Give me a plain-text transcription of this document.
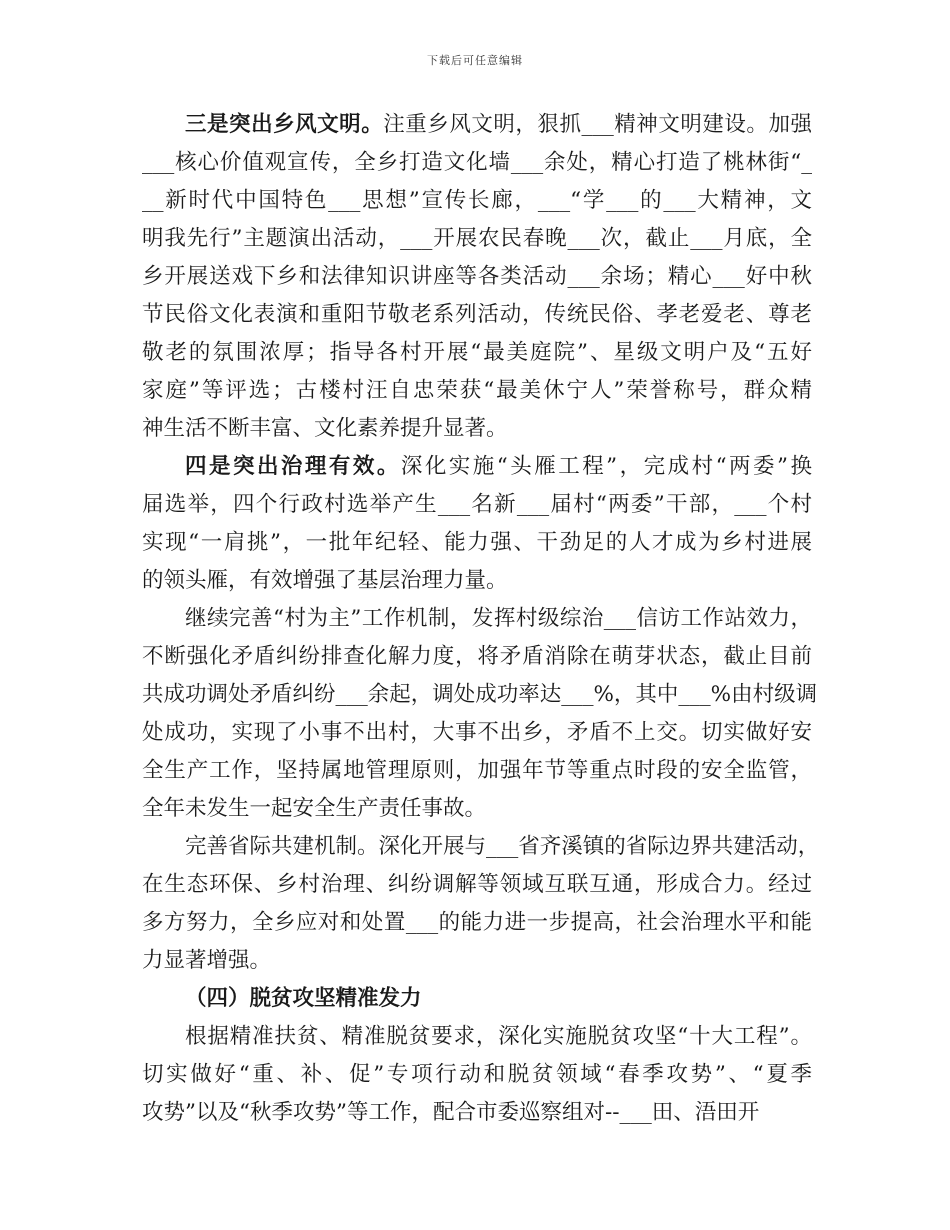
下载后可任意编辑
三是突出乡风文明。注重乡风文明，狠抓___精神文明建设。加强
___核心价值观宣传，全乡打造文化墙___余处，精心打造了桃林街“_
__新时代中国特色___思想”宣传长廊，___“学___的___大精神，文
明我先行”主题演出活动，___开展农民春晚___次，截止___月底，全
乡开展送戏下乡和法律知识讲座等各类活动___余场；精心___好中秋
节民俗文化表演和重阳节敬老系列活动，传统民俗、孝老爱老、尊老
敬老的氛围浓厚；指导各村开展“最美庭院”、星级文明户及“五好
家庭”等评选；古楼村汪自忠荣获“最美休宁人”荣誉称号，群众精
神生活不断丰富、文化素养提升显著。
四是突出治理有效。深化实施“头雁工程”，完成村“两委”换
届选举，四个行政村选举产生___名新___届村“两委”干部，___个村
实现“一肩挑”，一批年纪轻、能力强、干劲足的人才成为乡村进展
的领头雁，有效增强了基层治理力量。
继续完善“村为主”工作机制，发挥村级综治___信访工作站效力，
不断强化矛盾纠纷排查化解力度，将矛盾消除在萌芽状态，截止目前
共成功调处矛盾纠纷___余起，调处成功率达___%，其中___%由村级调
处成功，实现了小事不出村，大事不出乡，矛盾不上交。切实做好安
全生产工作，坚持属地管理原则，加强年节等重点时段的安全监管，
全年未发生一起安全生产责任事故。
完善省际共建机制。深化开展与___省齐溪镇的省际边界共建活动，
在生态环保、乡村治理、纠纷调解等领域互联互通，形成合力。经过
多方努力，全乡应对和处置___的能力进一步提高，社会治理水平和能
力显著增强。
（四）脱贫攻坚精准发力
根据精准扶贫、精准脱贫要求，深化实施脱贫攻坚“十大工程”。
切实做好“重、补、促”专项行动和脱贫领域“春季攻势”、“夏季
攻势”以及“秋季攻势”等工作，配合市委巡察组对--___田、浯田开
